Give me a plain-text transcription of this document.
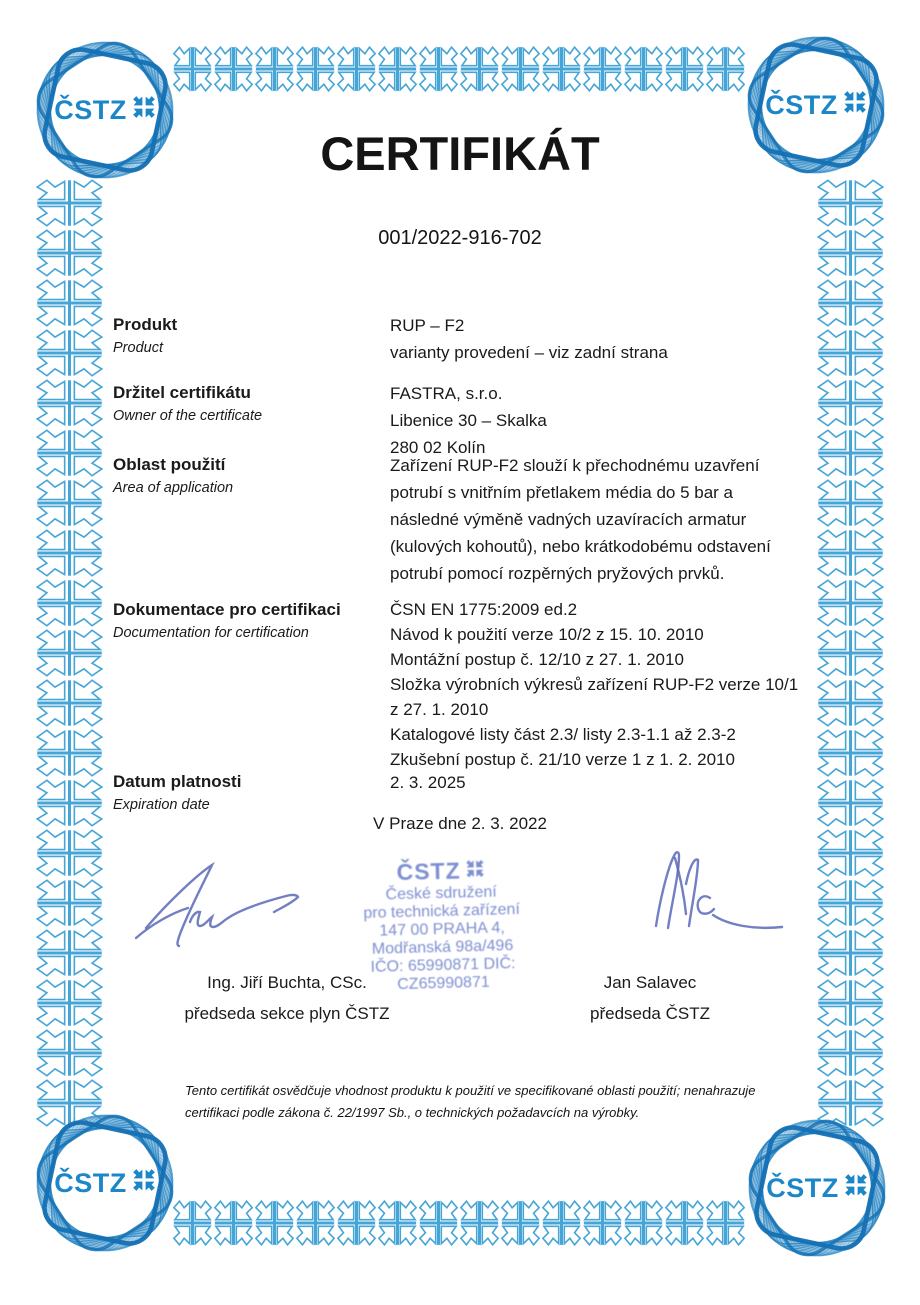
ČSTZ	ČSTZ
ČSTZ	ČSTZ
CERTIFIKÁT
001/2022-916-702
Produkt
Product
RUP – F2
varianty provedení – viz zadní strana
Držitel certifikátu
Owner of the certificate
FASTRA, s.r.o.
Libenice 30 – Skalka
280 02 Kolín
Oblast použití
Area of application
Zařízení RUP-F2 slouží k přechodnému uzavření
potrubí s vnitřním přetlakem média do 5 bar a
následné výměně vadných uzavíracích armatur
(kulových kohoutů), nebo krátkodobému odstavení
potrubí pomocí rozpěrných pryžových prvků.
Dokumentace pro certifikaci
Documentation for certification
ČSN EN 1775:2009 ed.2
Návod k použití verze 10/2 z 15. 10. 2010
Montážní postup č. 12/10 z 27. 1. 2010
Složka výrobních výkresů zařízení RUP-F2 verze 10/1
z 27. 1. 2010
Katalogové listy část 2.3/ listy 2.3-1.1 až 2.3-2
Zkušební postup č. 21/10 verze 1 z 1. 2. 2010
Datum platnosti
Expiration date
2. 3. 2025
V Praze dne 2. 3. 2022
ČSTZ
České sdružení
pro technická zařízení
147 00 PRAHA 4, Modřanská 98a/496
IČO: 65990871 DIČ: CZ65990871
Ing. Jiří Buchta, CSc.
předseda sekce plyn ČSTZ
Jan Salavec
předseda ČSTZ
Tento certifikát osvědčuje vhodnost produktu k použití ve specifikované oblasti použití; nenahrazuje
certifikaci podle zákona č. 22/1997 Sb., o technických požadavcích na výrobky.
